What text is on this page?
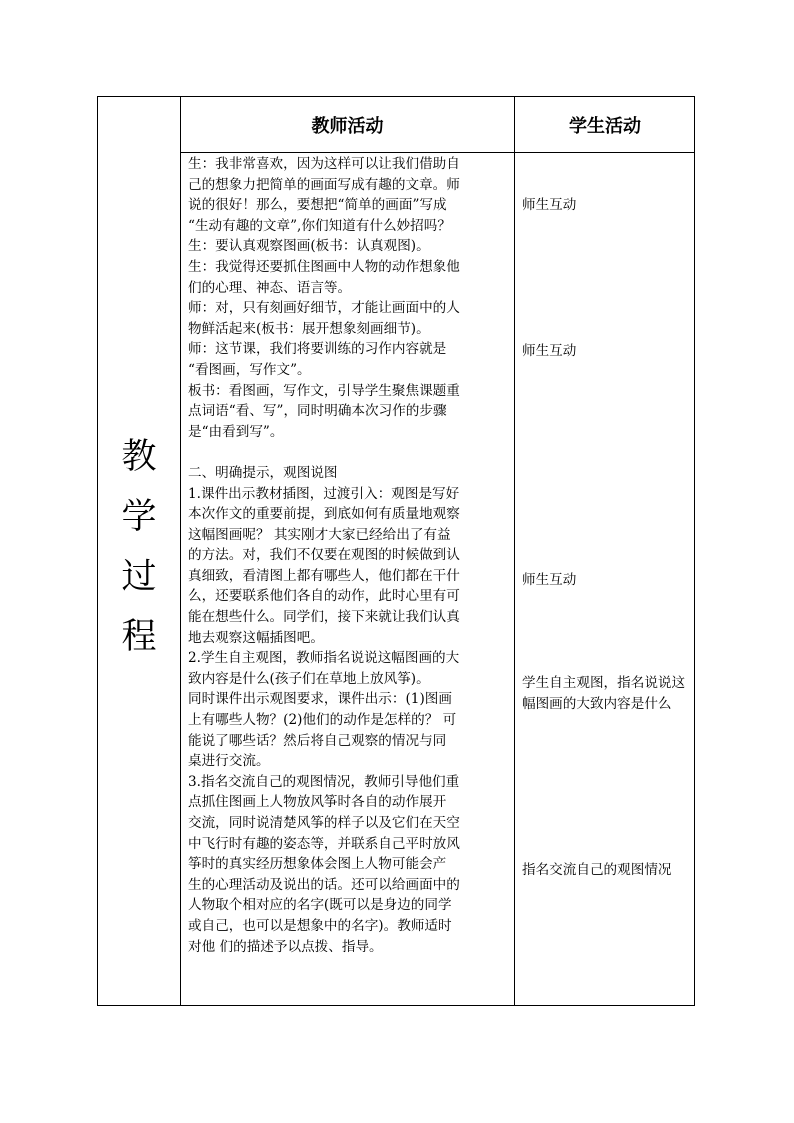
教师活动	学生活动
教
学
过
程

生：我非常喜欢，因为这样可以让我们借助自

己的想象力把简单的画面写成有趣的文章。师

说的很好！那么，要想把“简单的画面”写成

“生动有趣的文章”,你们知道有什么妙招吗？

生：要认真观察图画(板书：认真观图)。

生：我觉得还要抓住图画中人物的动作想象他

们的心理、神态、语言等。

师：对，只有刻画好细节，才能让画面中的人

物鲜活起来(板书：展开想象刻画细节)。

师：这节课，我们将要训练的习作内容就是

“看图画，写作文”。

板书：看图画，写作文，引导学生聚焦课题重

点词语“看、写”，同时明确本次习作的步骤

是“由看到写”。

二、明确提示，观图说图

1.课件出示教材插图，过渡引入：观图是写好

本次作文的重要前提，到底如何有质量地观察

这幅图画呢？ 其实刚才大家已经给出了有益

的方法。对，我们不仅要在观图的时候做到认

真细致，看清图上都有哪些人，他们都在干什

么，还要联系他们各自的动作，此时心里有可

能在想些什么。同学们，接下来就让我们认真

地去观察这幅插图吧。

2.学生自主观图，教师指名说说这幅图画的大

致内容是什么(孩子们在草地上放风筝)。

同时课件出示观图要求，课件出示：(1)图画

上有哪些人物？(2)他们的动作是怎样的？ 可

能说了哪些话？然后将自己观察的情况与同

桌进行交流。

3.指名交流自己的观图情况，教师引导他们重

点抓住图画上人物放风筝时各自的动作展开

交流，同时说清楚风筝的样子以及它们在天空

中飞行时有趣的姿态等，并联系自己平时放风

筝时的真实经历想象体会图上人物可能会产

生的心理活动及说出的话。还可以给画面中的

人物取个相对应的名字(既可以是身边的同学

或自己，也可以是想象中的名字)。教师适时

对他 们的描述予以点拨、指导。

师生互动
师生互动
师生互动
学生自主观图，指名说说这幅图画的大致内容是什么
指名交流自己的观图情况
